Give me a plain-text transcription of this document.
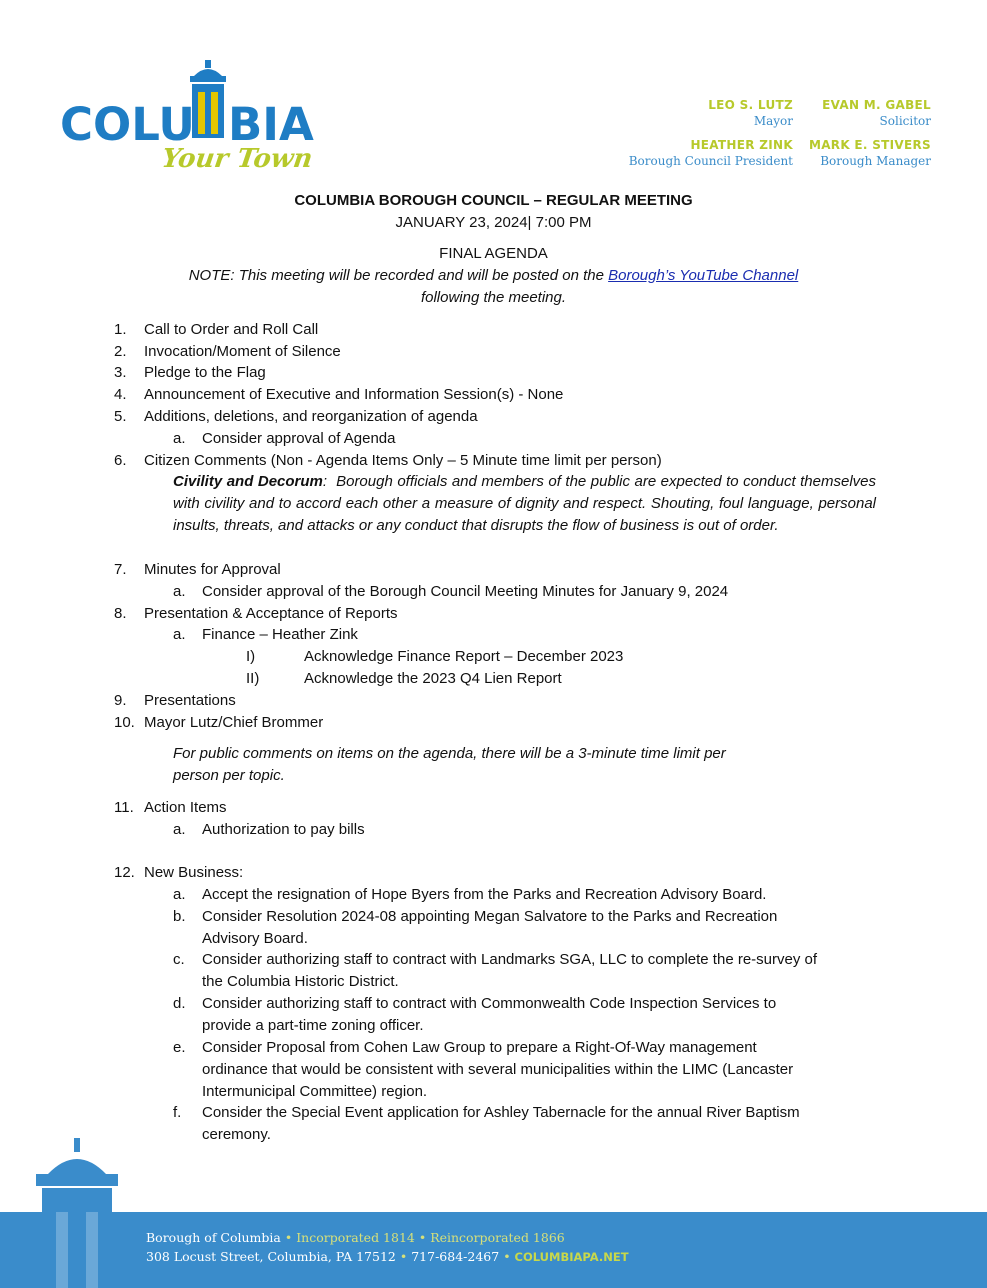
COLU BIA
Your Town
LEO S. LUTZ
Mayor
EVAN M. GABEL
Solicitor
HEATHER ZINK
Borough Council President
MARK E. STIVERS
Borough Manager
COLUMBIA BOROUGH COUNCIL – REGULAR MEETING
JANUARY 23, 2024| 7:00 PM
FINAL AGENDA
NOTE: This meeting will be recorded and will be posted on the Borough’s YouTube Channel
following the meeting.
1. Call to Order and Roll Call
2. Invocation/Moment of Silence
3. Pledge to the Flag
4. Announcement of Executive and Information Session(s) - None
5. Additions, deletions, and reorganization of agenda
a. Consider approval of Agenda
6. Citizen Comments (Non - Agenda Items Only – 5 Minute time limit per person)
Civility and Decorum:  Borough officials and members of the public are expected to conduct themselves with civility and to accord each other a measure of dignity and respect. Shouting, foul language, personal insults, threats, and attacks or any conduct that disrupts the flow of business is out of order.
7. Minutes for Approval
a. Consider approval of the Borough Council Meeting Minutes for January 9, 2024
8. Presentation & Acceptance of Reports
a. Finance – Heather Zink
I)	Acknowledge Finance Report – December 2023
II)	Acknowledge the 2023 Q4 Lien Report
9. Presentations
10. Mayor Lutz/Chief Brommer
For public comments on items on the agenda, there will be a 3-minute time limit per
person per topic.
11. Action Items
a. Authorization to pay bills
12. New Business:
a. Accept the resignation of Hope Byers from the Parks and Recreation Advisory Board.
b. Consider Resolution 2024-08 appointing Megan Salvatore to the Parks and Recreation
Advisory Board.
c. Consider authorizing staff to contract with Landmarks SGA, LLC to complete the re-survey of
the Columbia Historic District.
d. Consider authorizing staff to contract with Commonwealth Code Inspection Services to
provide a part-time zoning officer.
e. Consider Proposal from Cohen Law Group to prepare a Right-Of-Way management
ordinance that would be consistent with several municipalities within the LIMC (Lancaster
Intermunicipal Committee) region.
f. Consider the Special Event application for Ashley Tabernacle for the annual River Baptism
ceremony.
Borough of Columbia • Incorporated 1814 • Reincorporated 1866
308 Locust Street, Columbia, PA 17512 • 717-684-2467 • COLUMBIAPA.NET
